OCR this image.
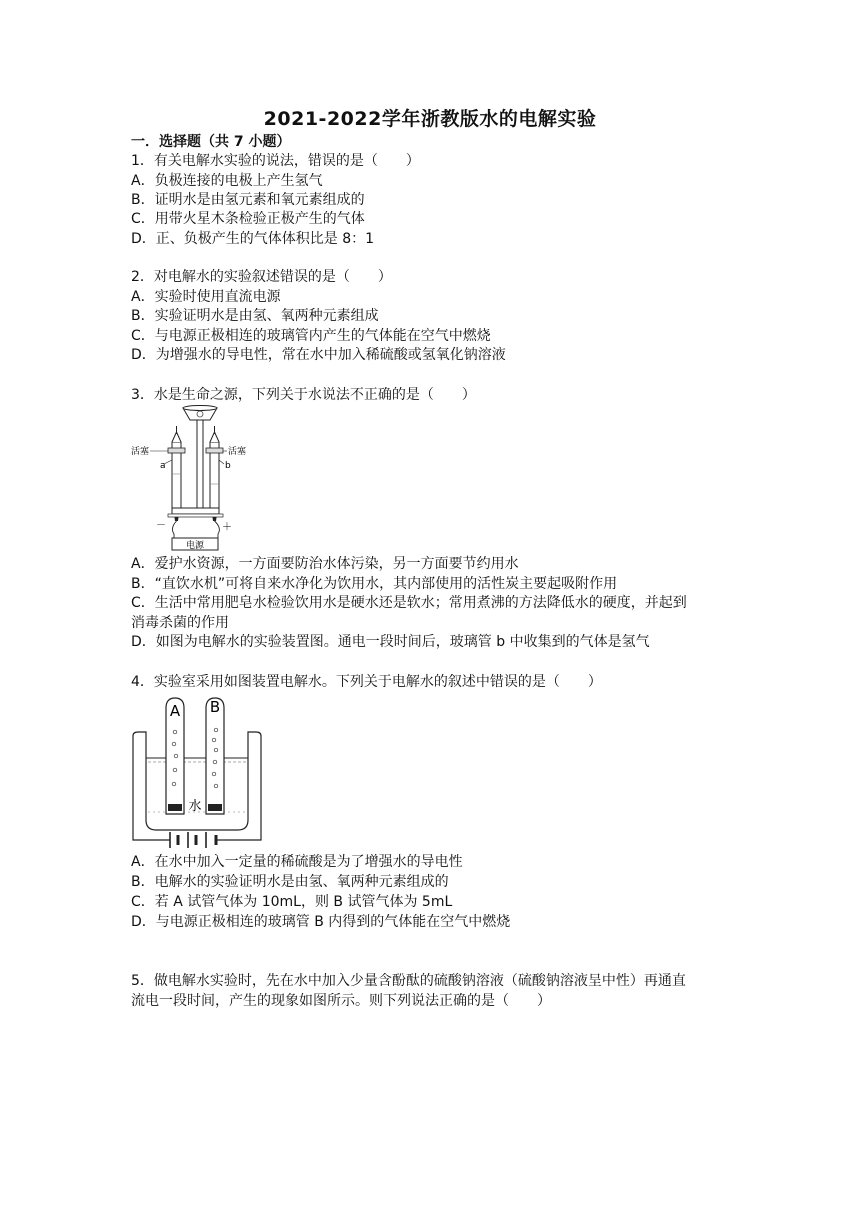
2021-2022学年浙教版水的电解实验
一．选择题（共 7 小题）
1．有关电解水实验的说法，错误的是（　　）
A．负极连接的电极上产生氢气
B．证明水是由氢元素和氧元素组成的
C．用带火星木条检验正极产生的气体
D．正、负极产生的气体体积比是 8：1
2．对电解水的实验叙述错误的是（　　）
A．实验时使用直流电源
B．实验证明水是由氢、氧两种元素组成
C．与电源正极相连的玻璃管内产生的气体能在空气中燃烧
D．为增强水的导电性，常在水中加入稀硫酸或氢氧化钠溶液
3．水是生命之源，下列关于水说法不正确的是（　　）
电源
－	＋
活塞
a
活塞
b
A．爱护水资源，一方面要防治水体污染，另一方面要节约用水
B．“直饮水机”可将自来水净化为饮用水，其内部使用的活性炭主要起吸附作用
C．生活中常用肥皂水检验饮用水是硬水还是软水；常用煮沸的方法降低水的硬度，并起到
消毒杀菌的作用
D．如图为电解水的实验装置图。通电一段时间后，玻璃管 b 中收集到的气体是氢气
4．实验室采用如图装置电解水。下列关于电解水的叙述中错误的是（　　）
A B
水
A．在水中加入一定量的稀硫酸是为了增强水的导电性
B．电解水的实验证明水是由氢、氧两种元素组成的
C．若 A 试管气体为 10mL，则 B 试管气体为 5mL
D．与电源正极相连的玻璃管 B 内得到的气体能在空气中燃烧
5．做电解水实验时，先在水中加入少量含酚酞的硫酸钠溶液（硫酸钠溶液呈中性）再通直
流电一段时间，产生的现象如图所示。则下列说法正确的是（　　）
